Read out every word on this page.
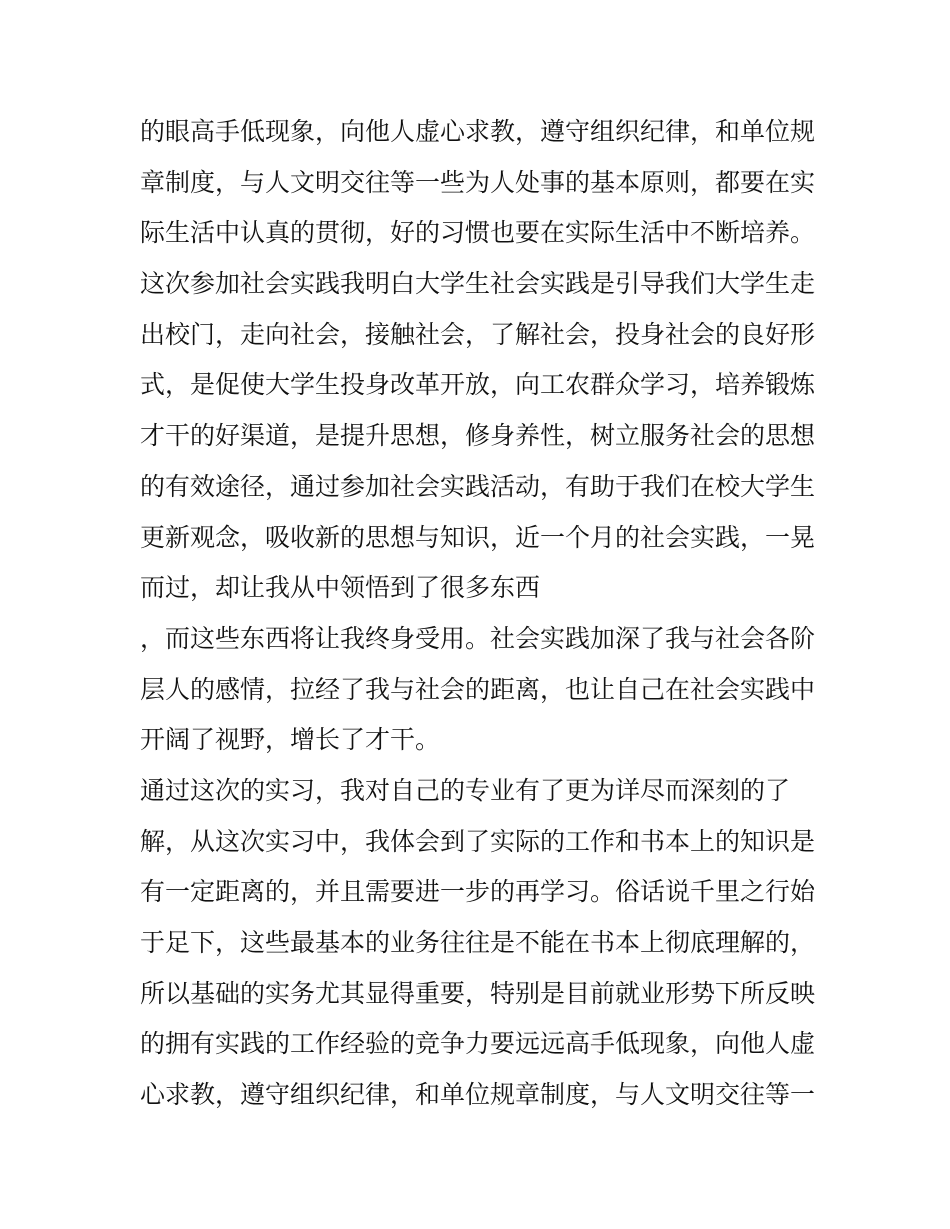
的眼高手低现象，向他人虚心求教，遵守组织纪律，和单位规
章制度，与人文明交往等一些为人处事的基本原则，都要在实
际生活中认真的贯彻，好的习惯也要在实际生活中不断培养。
这次参加社会实践我明白大学生社会实践是引导我们大学生走
出校门，走向社会，接触社会，了解社会，投身社会的良好形
式，是促使大学生投身改革开放，向工农群众学习，培养锻炼
才干的好渠道，是提升思想，修身养性，树立服务社会的思想
的有效途径，通过参加社会实践活动，有助于我们在校大学生
更新观念，吸收新的思想与知识，近一个月的社会实践，一晃
而过，却让我从中领悟到了很多东西
，而这些东西将让我终身受用。社会实践加深了我与社会各阶
层人的感情，拉经了我与社会的距离，也让自己在社会实践中
开阔了视野，增长了才干。
通过这次的实习，我对自己的专业有了更为详尽而深刻的了
解，从这次实习中，我体会到了实际的工作和书本上的知识是
有一定距离的，并且需要进一步的再学习。俗话说千里之行始
于足下，这些最基本的业务往往是不能在书本上彻底理解的，
所以基础的实务尤其显得重要，特别是目前就业形势下所反映
的拥有实践的工作经验的竞争力要远远高手低现象，向他人虚
心求教，遵守组织纪律，和单位规章制度，与人文明交往等一
